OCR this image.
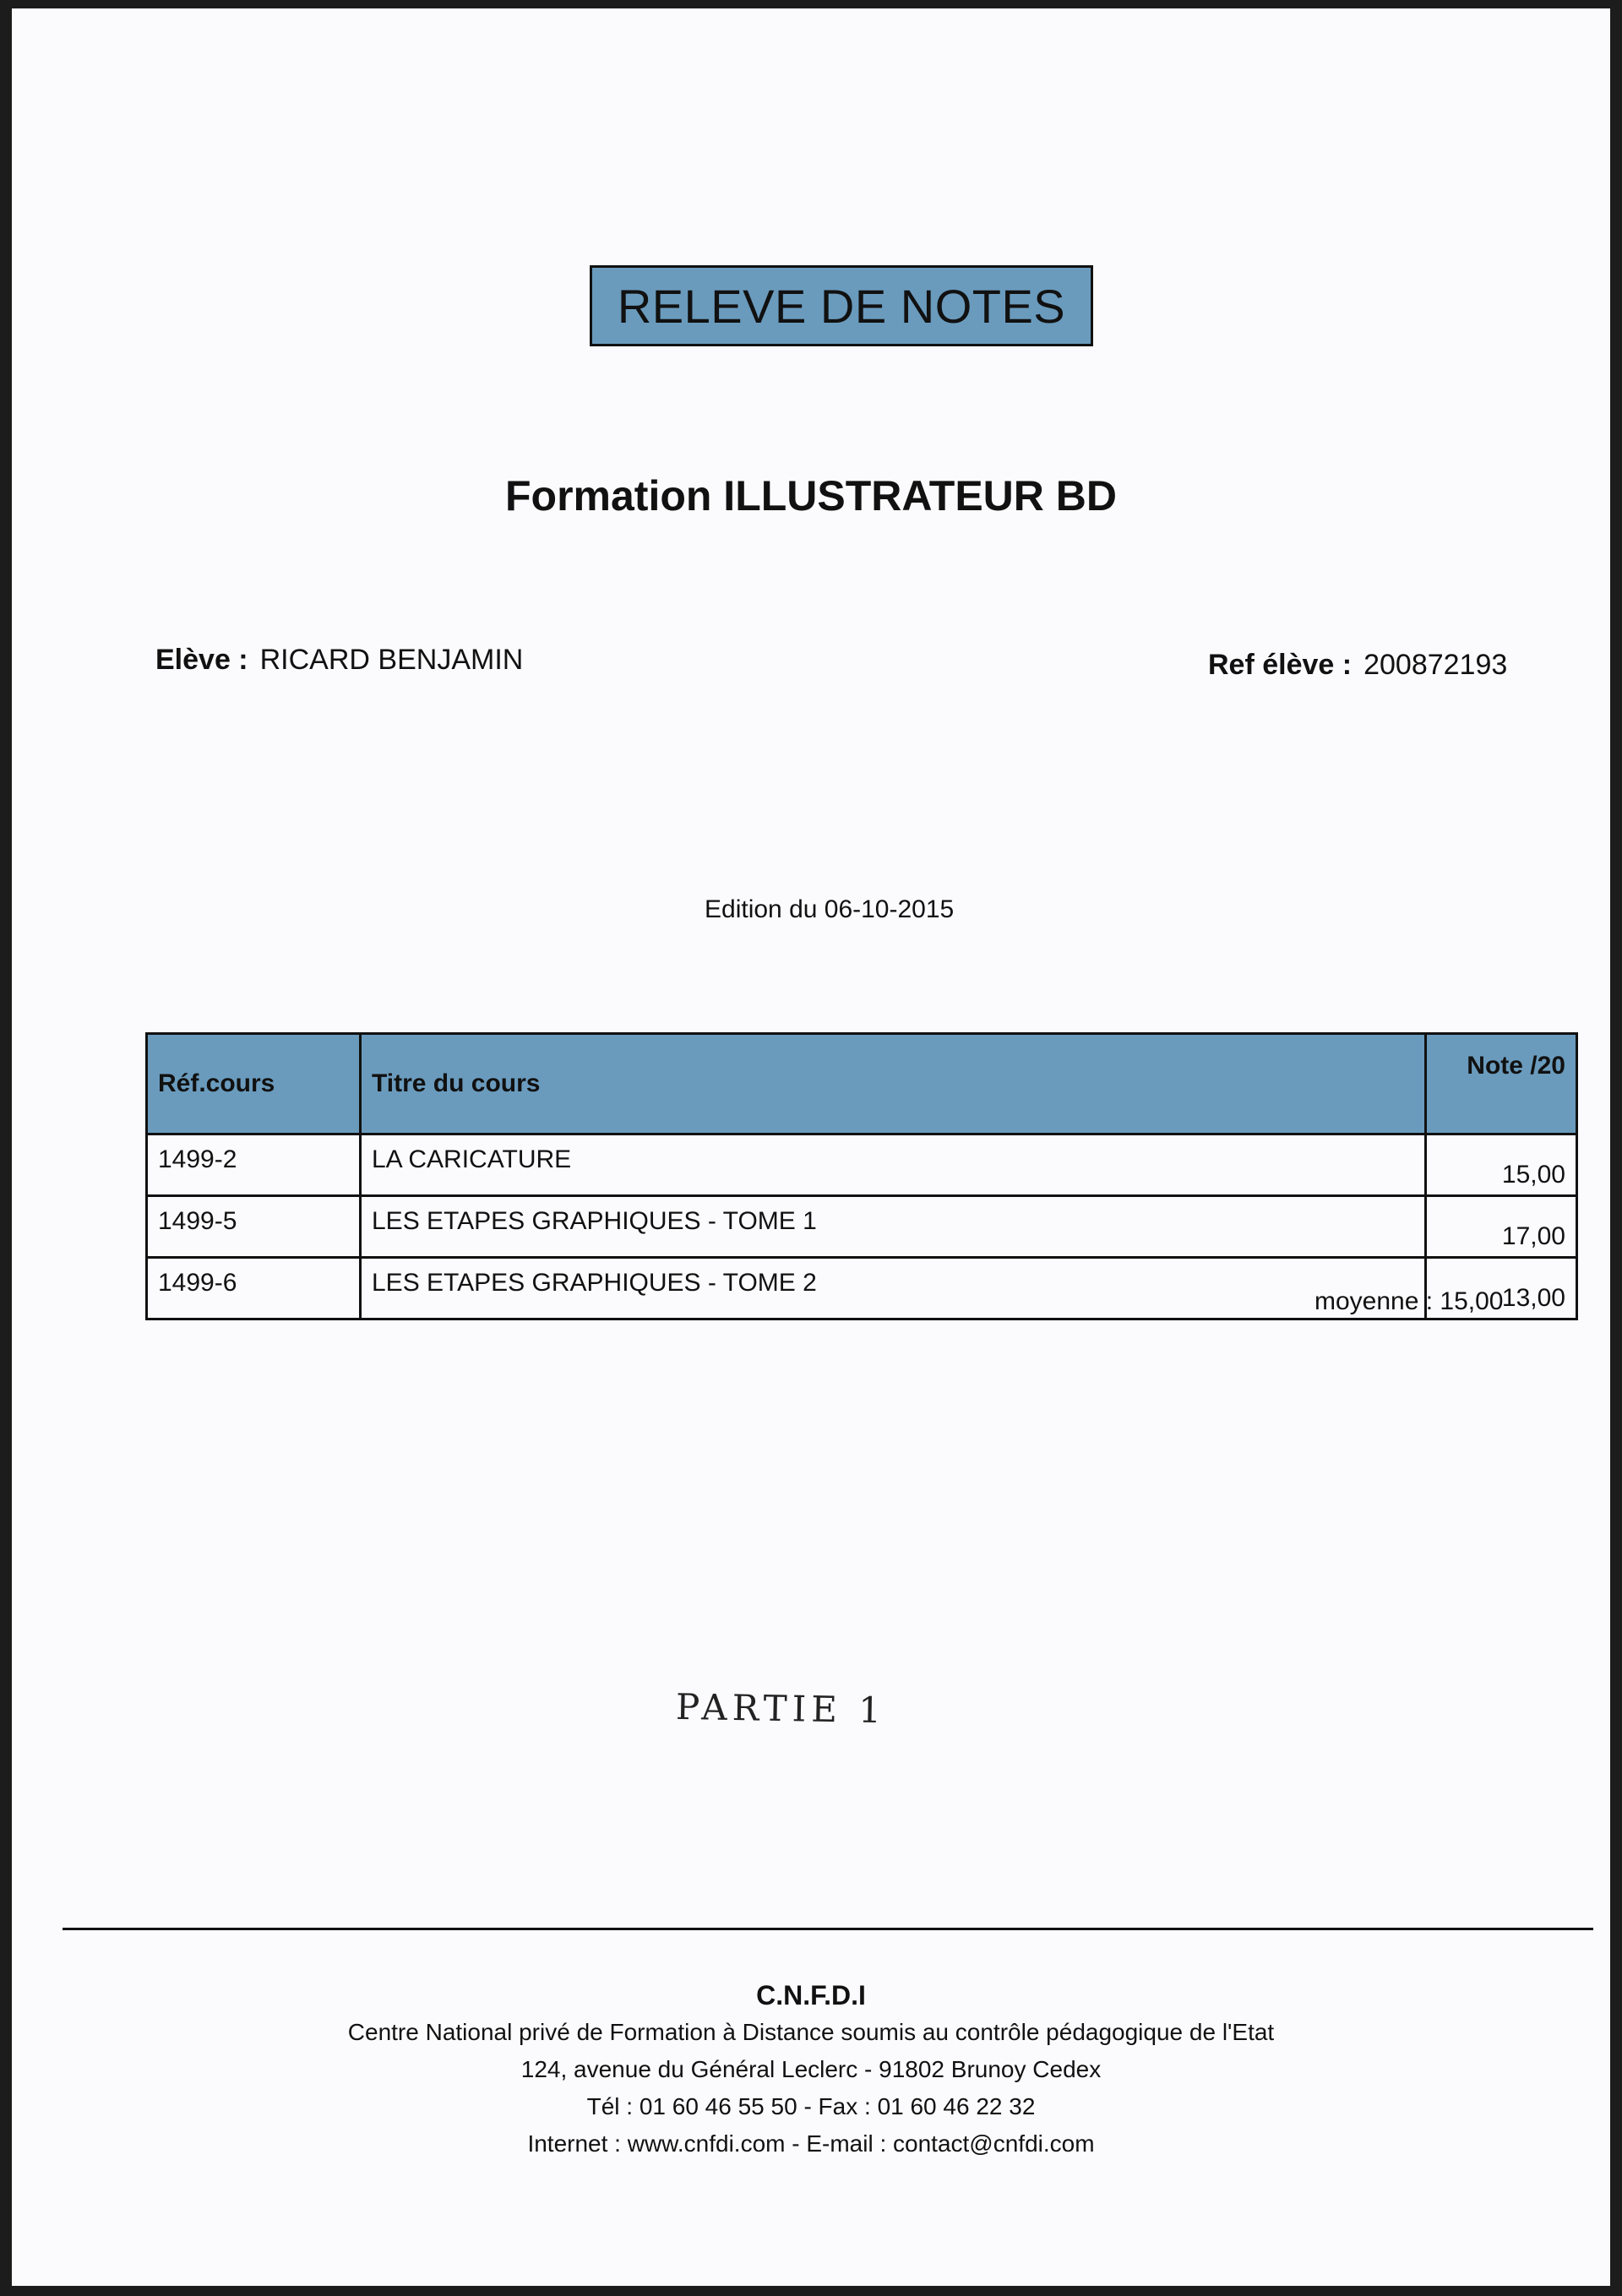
RELEVE DE NOTES
Formation ILLUSTRATEUR BD
Elève : RICARD BENJAMIN	Ref élève : 200872193
Edition du 06-10-2015
Réf.cours	Titre du cours	Note /20
1499-2	LA CARICATURE	15,00
1499-5	LES ETAPES GRAPHIQUES - TOME 1	17,00
1499-6	LES ETAPES GRAPHIQUES - TOME 2	13,00
moyenne : 15,00
PARTIE 1
C.N.F.D.I
Centre National privé de Formation à Distance soumis au contrôle pédagogique de l'Etat
124, avenue du Général Leclerc - 91802 Brunoy Cedex
Tél : 01 60 46 55 50 - Fax : 01 60 46 22 32
Internet : www.cnfdi.com - E-mail : contact@cnfdi.com
